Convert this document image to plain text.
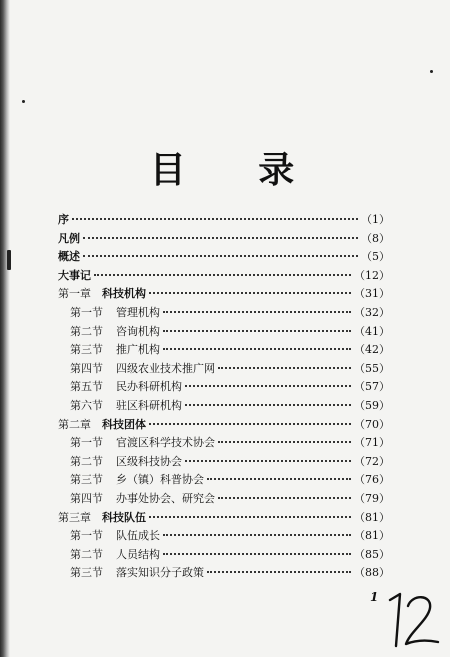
目 录
序	（1）
凡例	（8）
概述	（5）
大事记	（12）
第一章	科技机构	（31）
第一节	管理机构	（32）
第二节	咨询机构	（41）
第三节	推广机构	（42）
第四节	四级农业技术推广网	（55）
第五节	民办科研机构	（57）
第六节	驻区科研机构	（59）
第二章	科技团体	（70）
第一节	官渡区科学技术协会	（71）
第二节	区级科技协会	（72）
第三节	乡（镇）科普协会	（76）
第四节	办事处协会、研究会	（79）
第三章	科技队伍	（81）
第一节	队伍成长	（81）
第二节	人员结构	（85）
第三节	落实知识分子政策	（88）
1
